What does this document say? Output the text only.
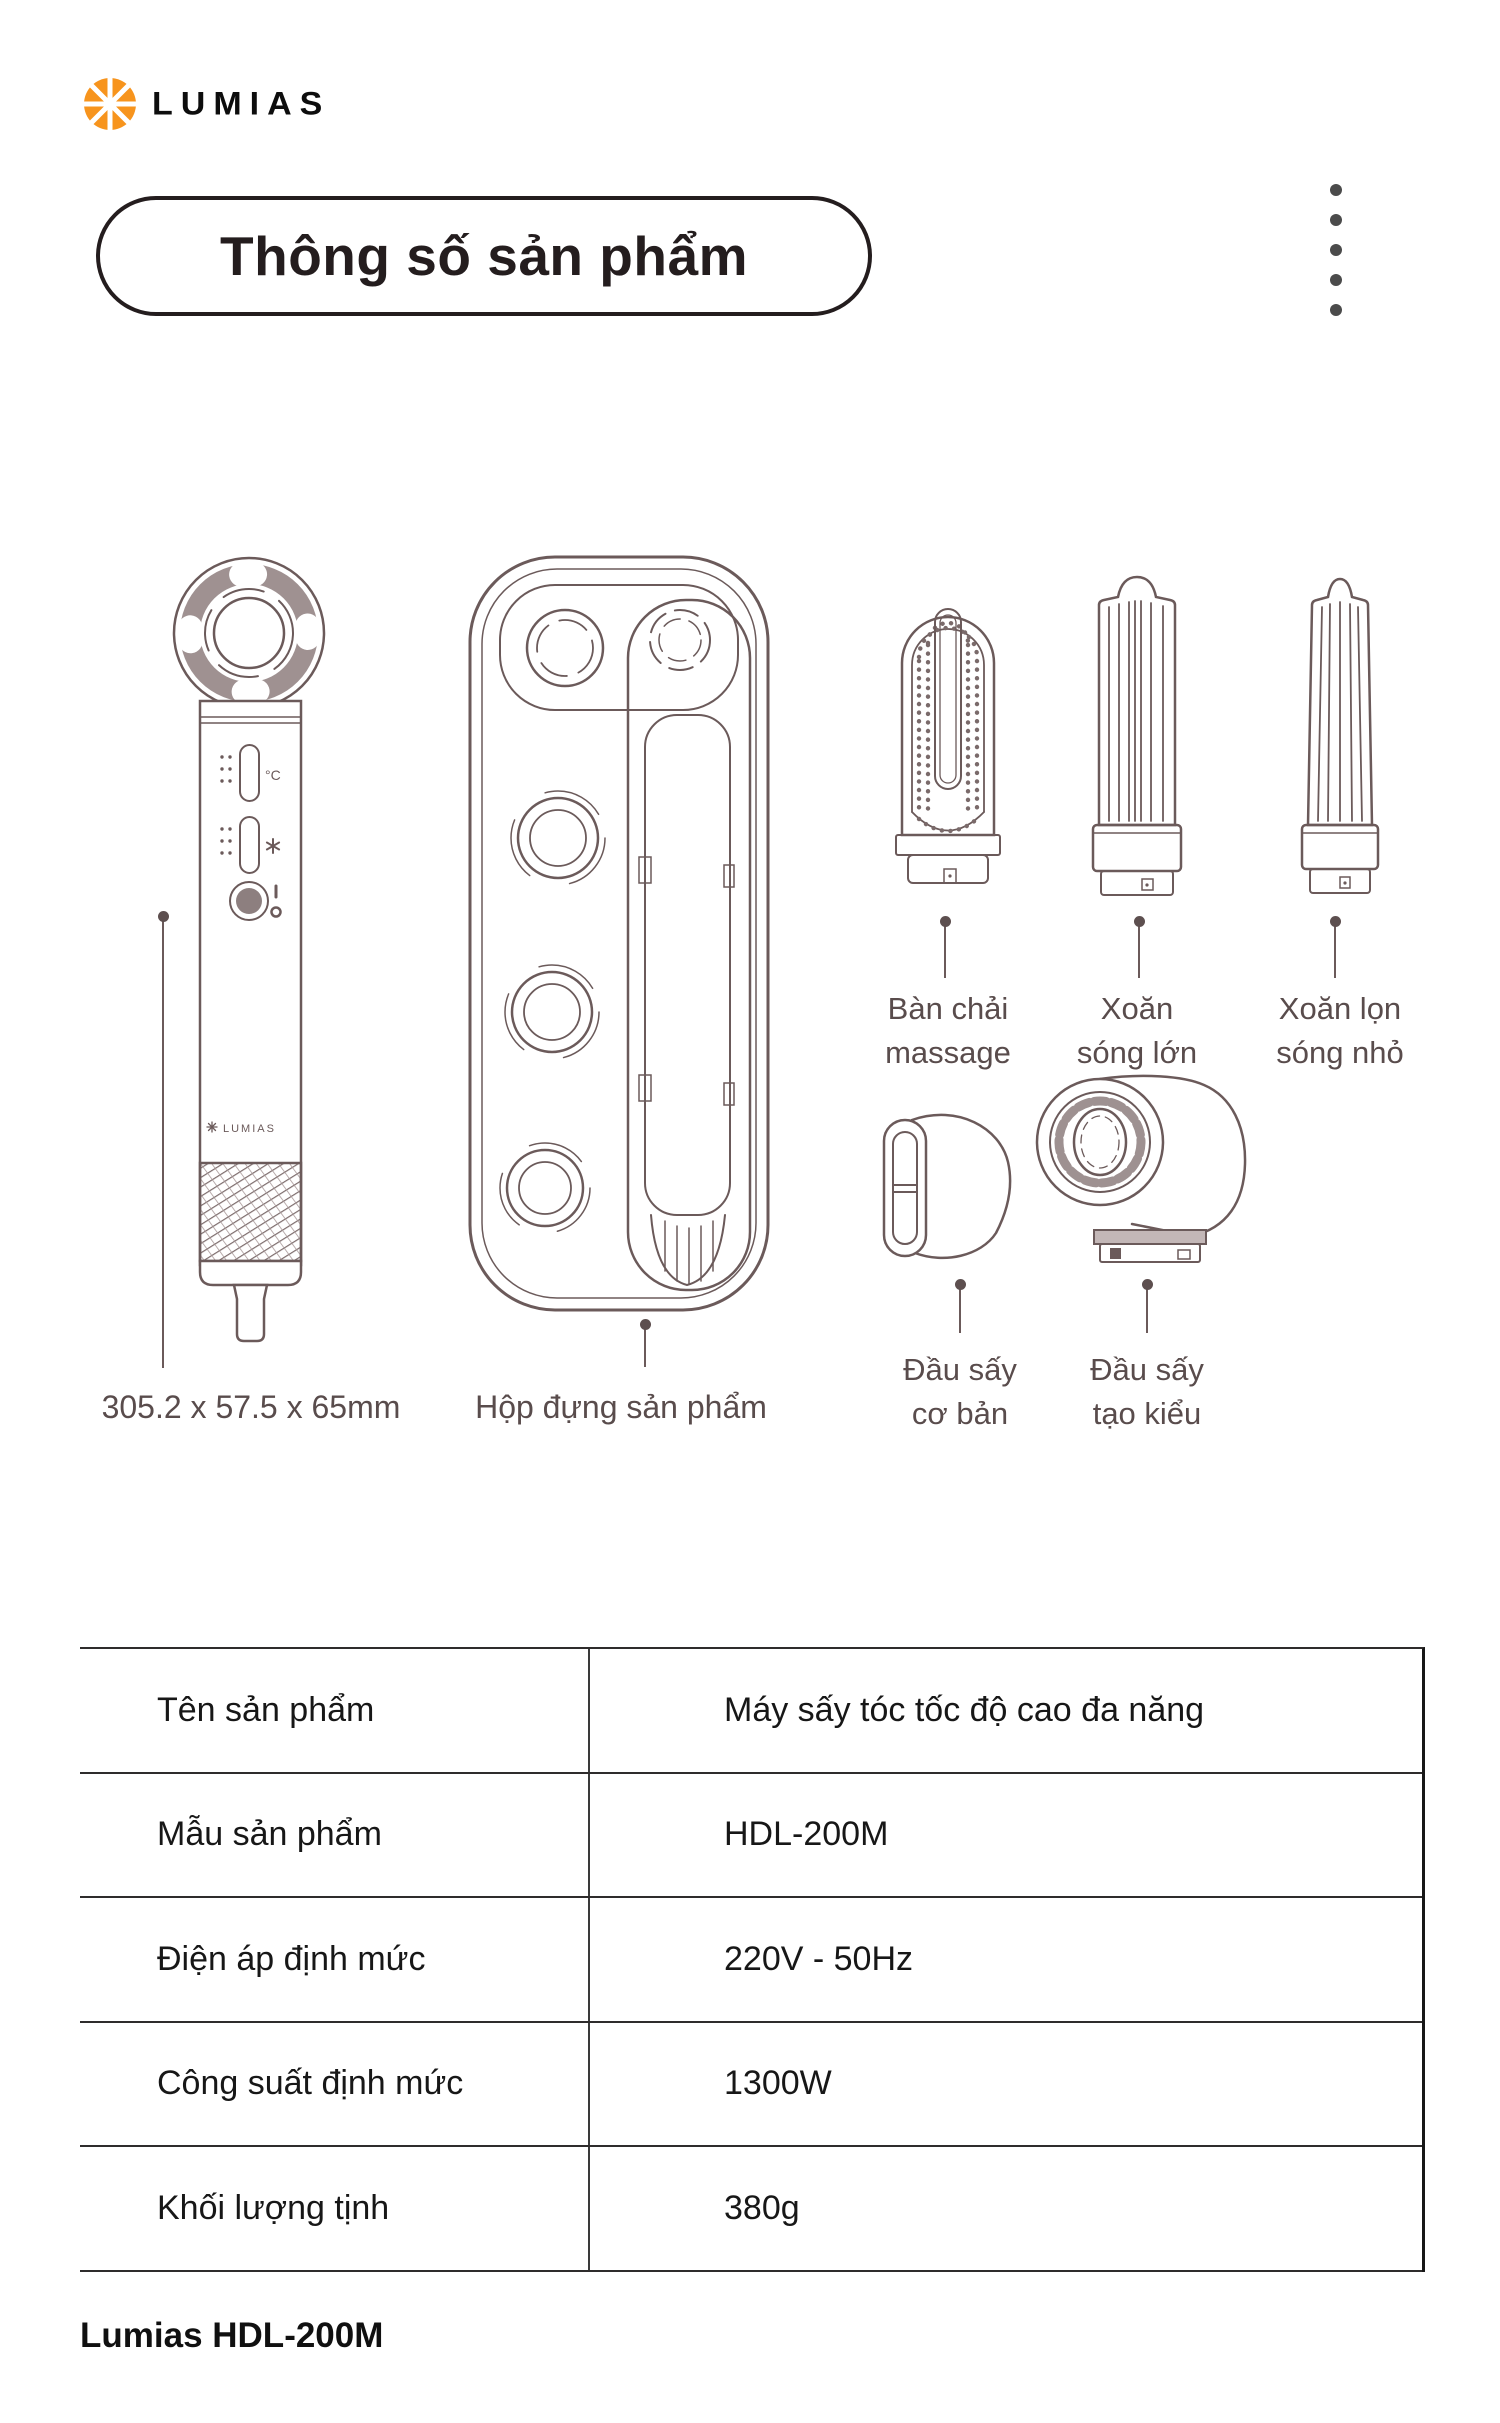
LUMIAS
Thông số sản phẩm
°C
LUMIAS
305.2 x 57.5 x 65mm	Hộp đựng sản phẩm
Bàn chải
massage
Xoăn
sóng lớn
Xoăn lọn
sóng nhỏ
Đầu sấy
cơ bản
Đầu sấy
tạo kiểu
Tên sản phẩm	Máy sấy tóc tốc độ cao đa năng
Mẫu sản phẩm	HDL-200M
Điện áp định mức	220V - 50Hz
Công suất định mức	1300W
Khối lượng tịnh	380g
Lumias HDL-200M
